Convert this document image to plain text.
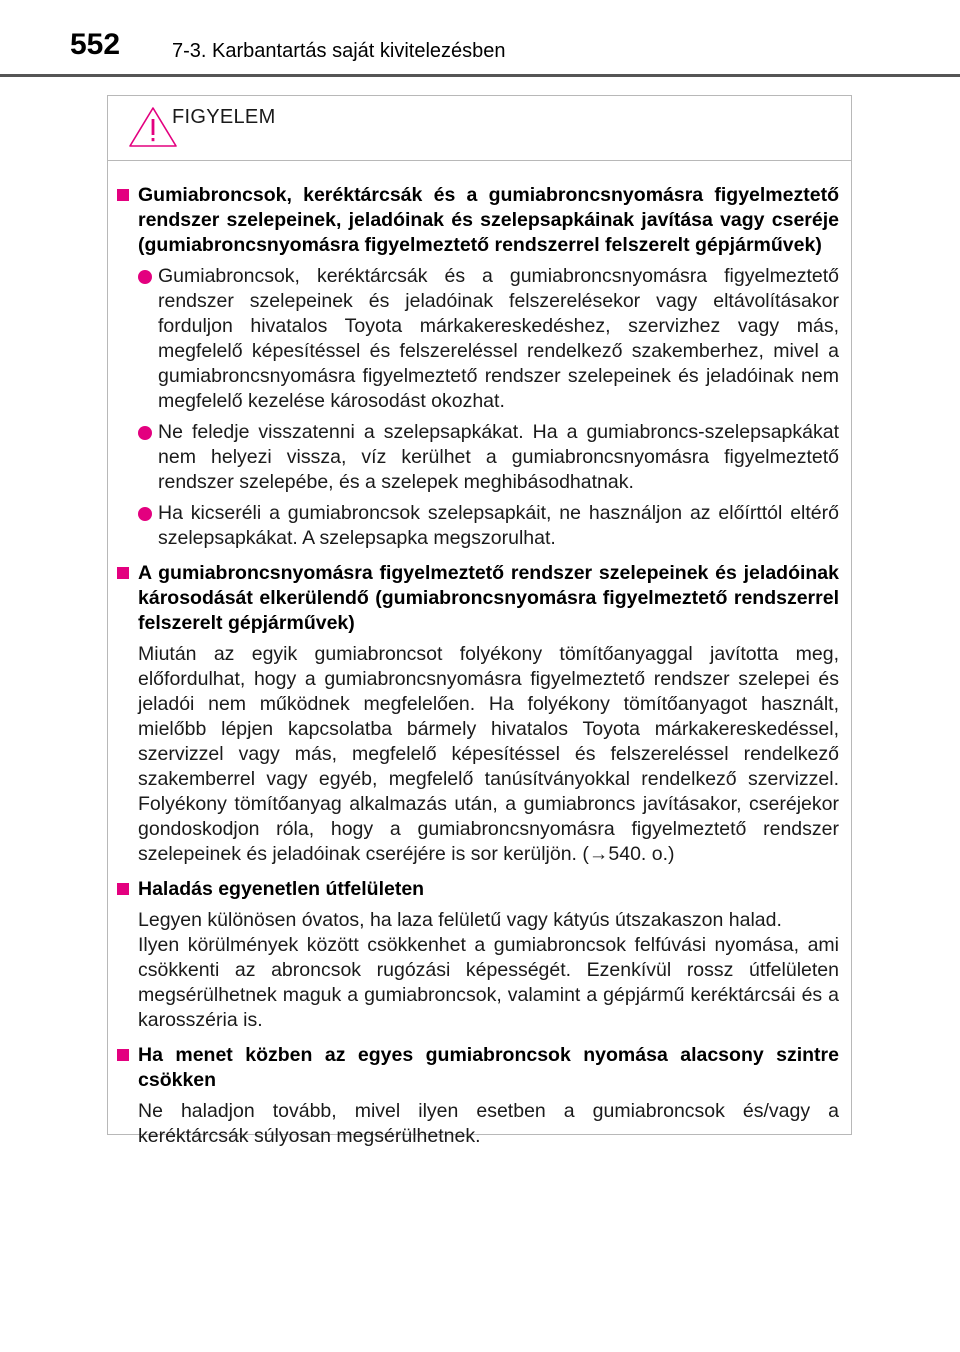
552	7-3. Karbantartás saját kivitelezésben
FIGYELEM
Gumiabroncsok, keréktárcsák és a gumiabroncsnyomásra figyelmeztető rendszer szelepeinek, jeladóinak és szelepsapkáinak javítása vagy cseréje (gumiabroncsnyomásra figyelmeztető rendszerrel felszerelt gépjárművek)
Gumiabroncsok, keréktárcsák és a gumiabroncsnyomásra figyelmeztető rendszer szelepeinek és jeladóinak felszerelésekor vagy eltávolításakor forduljon hivatalos Toyota márkakereskedéshez, szervizhez vagy más, megfelelő képesítéssel és felszereléssel rendelkező szakemberhez, mivel a gumiabroncsnyomásra figyelmeztető rendszer szelepeinek és jeladóinak nem megfelelő kezelése károsodást okozhat.
Ne feledje visszatenni a szelepsapkákat. Ha a gumiabroncs-szelepsapkákat nem helyezi vissza, víz kerülhet a gumiabroncsnyomásra figyelmeztető rendszer szelepébe, és a szelepek meghibásodhatnak.
Ha kicseréli a gumiabroncsok szelepsapkáit, ne használjon az előírttól eltérő szelepsapkákat. A szelepsapka megszorulhat.
A gumiabroncsnyomásra figyelmeztető rendszer szelepeinek és jeladóinak károsodását elkerülendő (gumiabroncsnyomásra figyelmeztető rendszerrel felszerelt gépjárművek)
Miután az egyik gumiabroncsot folyékony tömítőanyaggal javította meg, előfordulhat, hogy a gumiabroncsnyomásra figyelmeztető rendszer szelepei és jeladói nem működnek megfelelően. Ha folyékony tömítőanyagot használt, mielőbb lépjen kapcsolatba bármely hivatalos Toyota márkakereskedéssel, szervizzel vagy más, megfelelő képesítéssel és felszereléssel rendelkező szakemberrel vagy egyéb, megfelelő tanúsítványokkal rendelkező szervizzel. Folyékony tömítőanyag alkalmazás után, a gumiabroncs javításakor, cseréjekor gondoskodjon róla, hogy a gumiabroncsnyomásra figyelmeztető rendszer szelepeinek és jeladóinak cseréjére is sor kerüljön. (→540. o.)
Haladás egyenetlen útfelületen
Legyen különösen óvatos, ha laza felületű vagy kátyús útszakaszon halad.
Ilyen körülmények között csökkenhet a gumiabroncsok felfúvási nyomása, ami csökkenti az abroncsok rugózási képességét. Ezenkívül rossz útfelületen megsérülhetnek maguk a gumiabroncsok, valamint a gépjármű keréktárcsái és a karosszéria is.
Ha menet közben az egyes gumiabroncsok nyomása alacsony szintre csökken
Ne haladjon tovább, mivel ilyen esetben a gumiabroncsok és/vagy a keréktárcsák súlyosan megsérülhetnek.
